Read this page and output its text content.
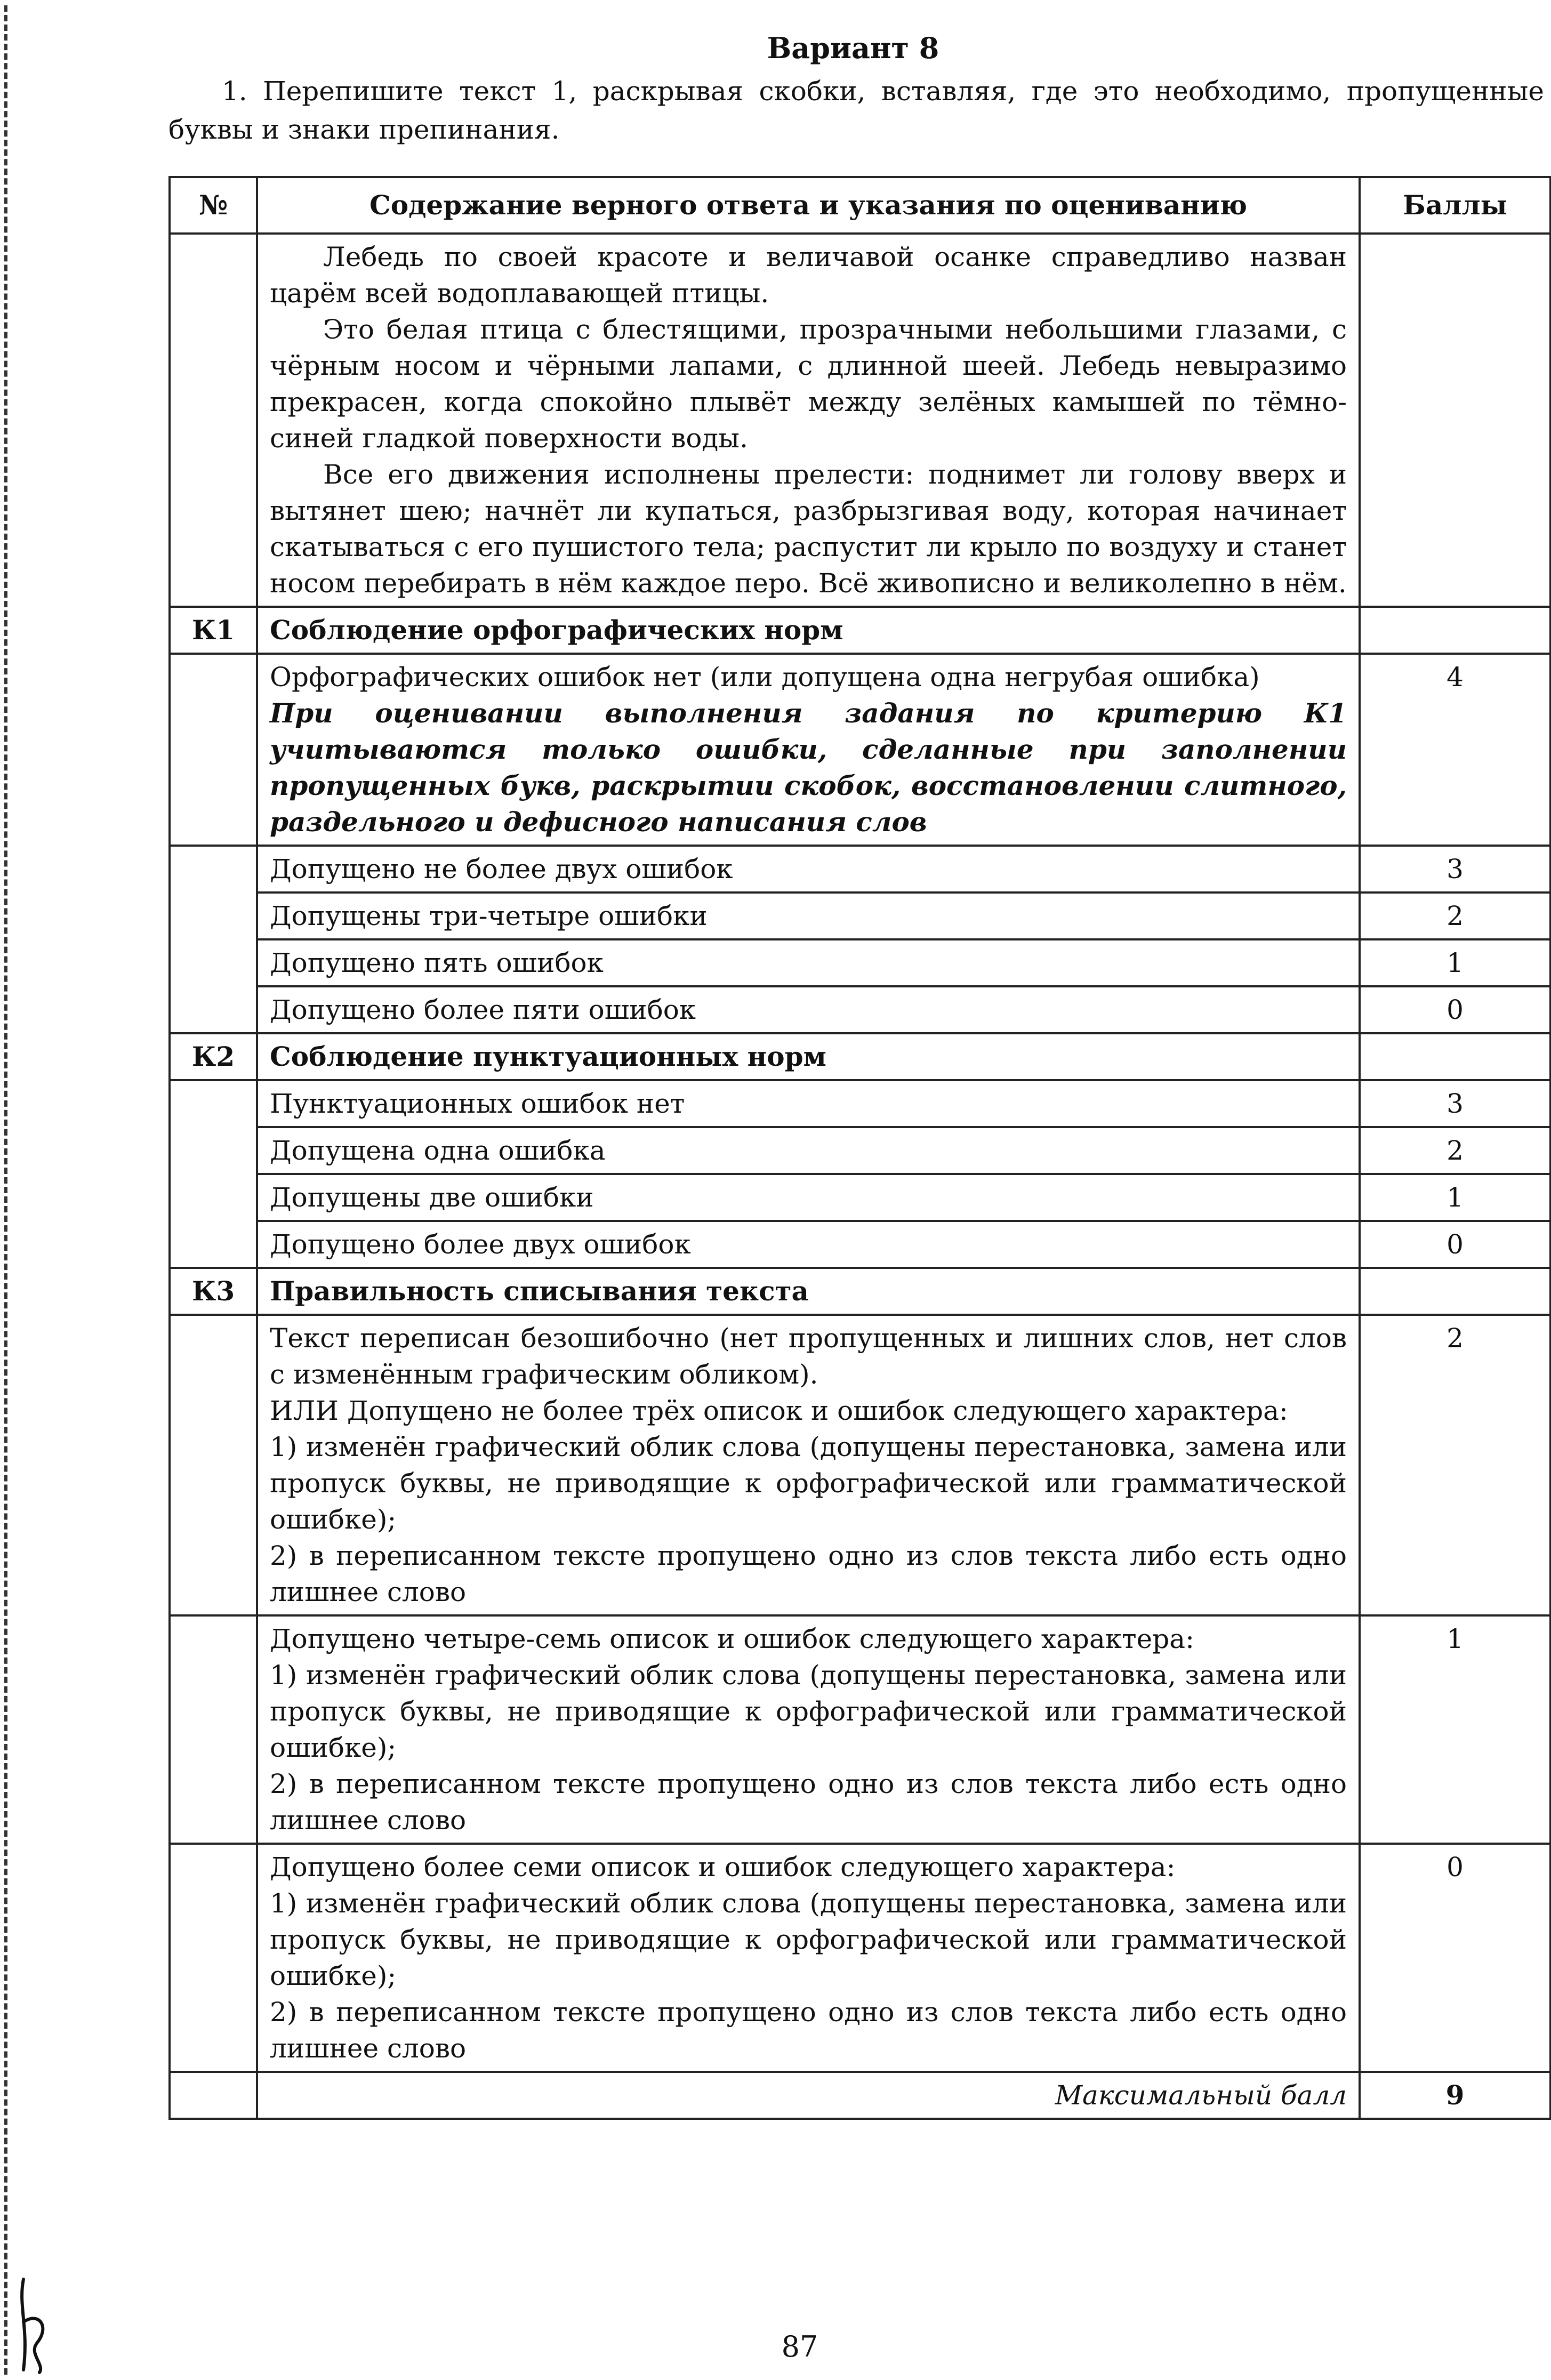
Вариант 8
1. Перепишите текст 1, раскрывая скобки, вставляя, где это необходимо, пропущенные буквы и знаки препинания.
№	Содержание верного ответа и указания по оцениванию	Баллы

	Лебедь по своей красоте и величавой осанке справедливо назван царём всей водоплавающей птицы.

Это белая птица с блестящими, прозрачными небольшими глазами, с чёрным носом и чёрными лапами, с длинной шеей. Лебедь невыразимо прекрасен, когда спокойно плывёт между зелёных камышей по тёмно-синей гладкой поверхности воды.

Все его движения исполнены прелести: поднимет ли голову вверх и вытянет шею; начнёт ли купаться, разбрызгивая воду, которая начинает скатываться с его пушистого тела; распустит ли крыло по воздуху и станет носом перебирать в нём каждое перо. Всё живописно и великолепно в нём.	

К1	Соблюдение орфографических норм	

	Орфографических ошибок нет (или допущена одна негрубая ошибка)
При оценивании выполнения задания по критерию К1 учитываются только ошибки, сделанные при заполнении пропущенных букв, раскрытии скобок, восстановлении слитного, раздельного и дефисного написания слов	4
	Допущено не более двух ошибок	3
	Допущены три-четыре ошибки	2
	Допущено пять ошибок	1
	Допущено более пяти ошибок	0
К2	Соблюдение пунктуационных норм	
	Пунктуационных ошибок нет	3
	Допущена одна ошибка	2
	Допущены две ошибки	1
	Допущено более двух ошибок	0
К3	Правильность списывания текста	

	Текст переписан безошибочно (нет пропущенных и лишних слов, нет слов с изменённым графическим обликом).
ИЛИ Допущено не более трёх описок и ошибок следующего характера:
1) изменён графический облик слова (допущены перестановка, замена или пропуск буквы, не приводящие к орфографической или грамматической ошибке);
2) в переписанном тексте пропущено одно из слов текста либо есть одно лишнее слово	2

	Допущено четыре-семь описок и ошибок следующего характера:
1) изменён графический облик слова (допущены перестановка, замена или пропуск буквы, не приводящие к орфографической или грамматической ошибке);
2) в переписанном тексте пропущено одно из слов текста либо есть одно лишнее слово	1

	Допущено более семи описок и ошибок следующего характера:
1) изменён графический облик слова (допущены перестановка, замена или пропуск буквы, не приводящие к орфографической или грамматической ошибке);
2) в переписанном тексте пропущено одно из слов текста либо есть одно лишнее слово	0
	Максимальный балл	9
87
